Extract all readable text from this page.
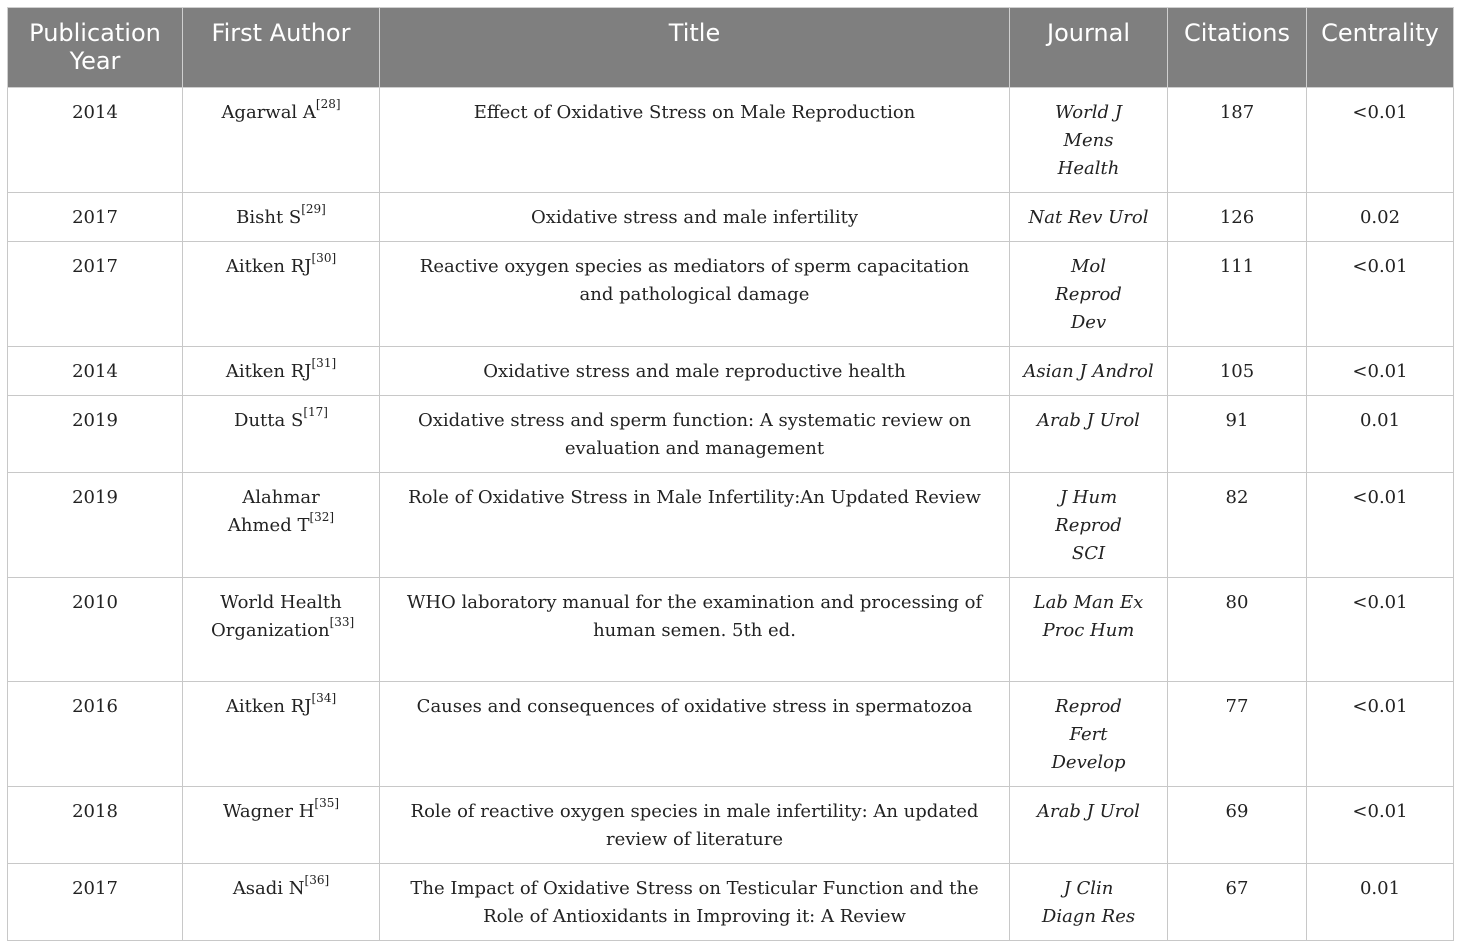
Publication Year	First Author	Title	Journal	Citations	Centrality
2014	Agarwal A[28]	Effect of Oxidative Stress on Male Reproduction	World J Mens Health	187	<0.01
2017	Bisht S[29]	Oxidative stress and male infertility	Nat Rev Urol	126	0.02
2017	Aitken RJ[30]	Reactive oxygen species as mediators of sperm capacitation and pathological damage	Mol Reprod Dev	111	<0.01
2014	Aitken RJ[31]	Oxidative stress and male reproductive health	Asian J Androl	105	<0.01
2019	Dutta S[17]	Oxidative stress and sperm function: A systematic review on evaluation and management	Arab J Urol	91	0.01
2019	Alahmar Ahmed T[32]	Role of Oxidative Stress in Male Infertility:An Updated Review	J Hum Reprod SCI	82	<0.01
2010	World Health Organization[33]	WHO laboratory manual for the examination and processing of human semen. 5th ed.	Lab Man Ex Proc Hum	80	<0.01
2016	Aitken RJ[34]	Causes and consequences of oxidative stress in spermatozoa	Reprod Fert Develop	77	<0.01
2018	Wagner H[35]	Role of reactive oxygen species in male infertility: An updated review of literature	Arab J Urol	69	<0.01
2017	Asadi N[36]	The Impact of Oxidative Stress on Testicular Function and the Role of Antioxidants in Improving it: A Review	J Clin Diagn Res	67	0.01
